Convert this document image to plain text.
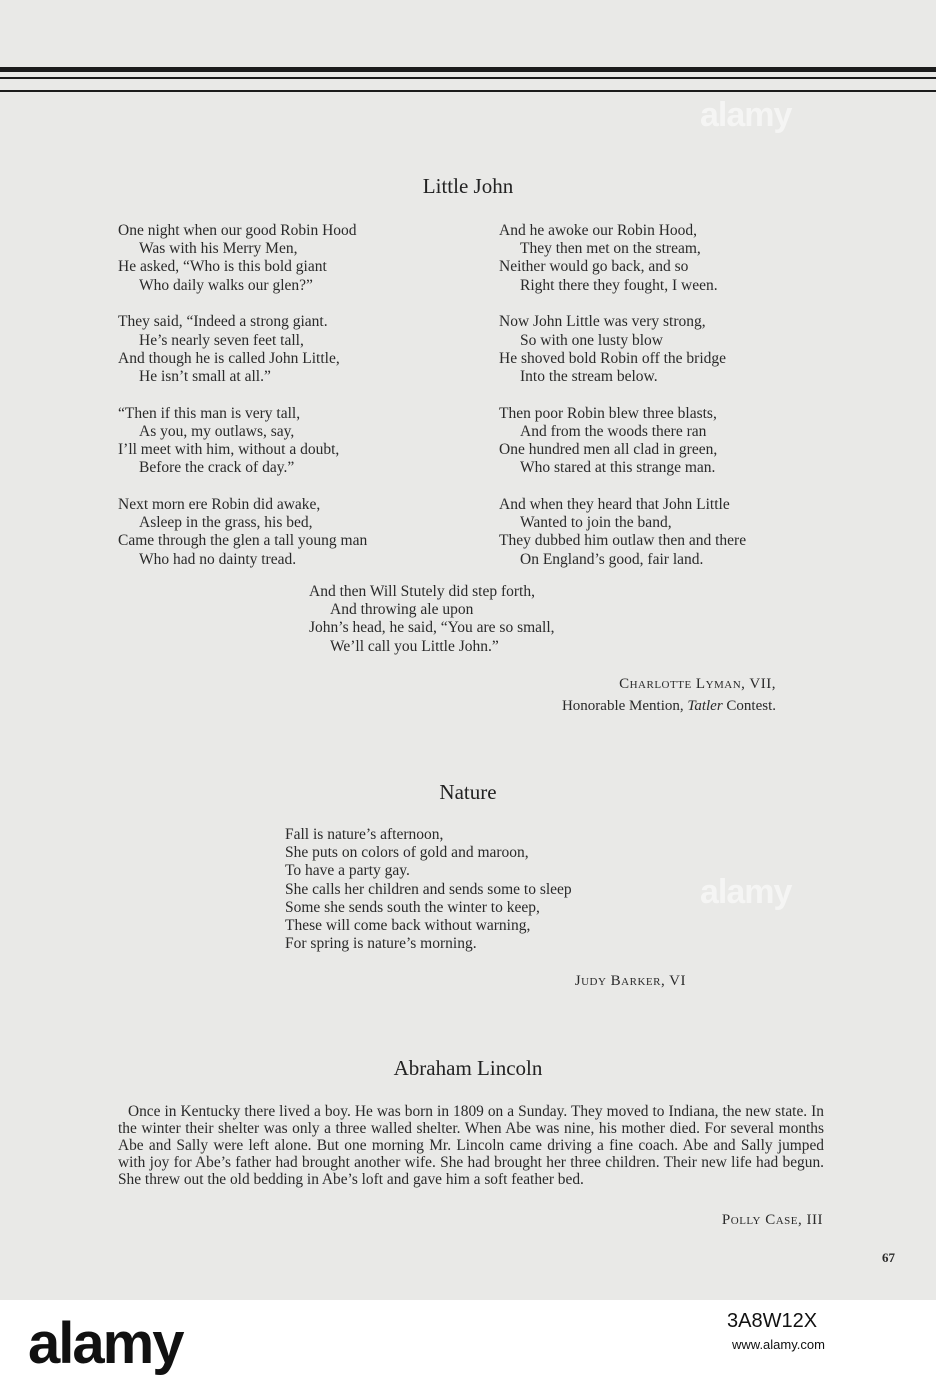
Little John

One night when our good Robin Hood
Was with his Merry Men,
He asked, “Who is this bold giant
Who daily walks our glen?”

They said, “Indeed a strong giant.
He’s nearly seven feet tall,
And though he is called John Little,
He isn’t small at all.”

“Then if this man is very tall,
As you, my outlaws, say,
I’ll meet with him, without a doubt,
Before the crack of day.”

Next morn ere Robin did awake,
Asleep in the grass, his bed,
Came through the glen a tall young man
Who had no dainty tread.

And he awoke our Robin Hood,
They then met on the stream,
Neither would go back, and so
Right there they fought, I ween.

Now John Little was very strong,
So with one lusty blow
He shoved bold Robin off the bridge
Into the stream below.

Then poor Robin blew three blasts,
And from the woods there ran
One hundred men all clad in green,
Who stared at this strange man.

And when they heard that John Little
Wanted to join the band,
They dubbed him outlaw then and there
On England’s good, fair land.

And then Will Stutely did step forth,
And throwing ale upon
John’s head, he said, “You are so small,
We’ll call you Little John.”
Charlotte Lyman, VII,
Honorable Mention, Tatler Contest.
Nature
Fall is nature’s afternoon,
She puts on colors of gold and maroon,
To have a party gay.
She calls her children and sends some to sleep
Some she sends south the winter to keep,
These will come back without warning,
For spring is nature’s morning.
Judy Barker, VI
Abraham Lincoln
Once in Kentucky there lived a boy. He was born in 1809 on a Sunday. They moved to Indiana, the new state. In the winter their shelter was only a three walled shelter. When Abe was nine, his mother died. For several months Abe and Sally were left alone. But one morning Mr. Lincoln came driving a fine coach. Abe and Sally jumped with joy for Abe’s father had brought another wife. She had brought her three children. Their new life had begun. She threw out the old bedding in Abe’s loft and gave him a soft feather bed.
Polly Case, III
67
alamy
alamy
alamy	3A8W12X
www.alamy.com
